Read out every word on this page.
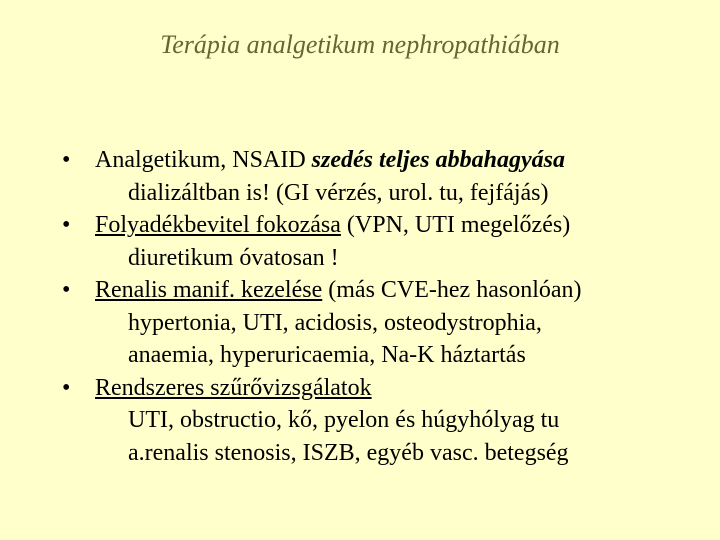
Terápia analgetikum nephropathiában
• Analgetikum, NSAID szedés teljes abbahagyása
dializáltban is! (GI vérzés, urol. tu, fejfájás)
• Folyadékbevitel fokozása (VPN, UTI megelőzés)
diuretikum óvatosan !
• Renalis manif. kezelése (más CVE-hez hasonlóan)
hypertonia, UTI, acidosis, osteodystrophia,
anaemia, hyperuricaemia, Na-K háztartás
• Rendszeres szűrővizsgálatok
UTI, obstructio, kő, pyelon és húgyhólyag tu
a.renalis stenosis, ISZB, egyéb vasc. betegség
